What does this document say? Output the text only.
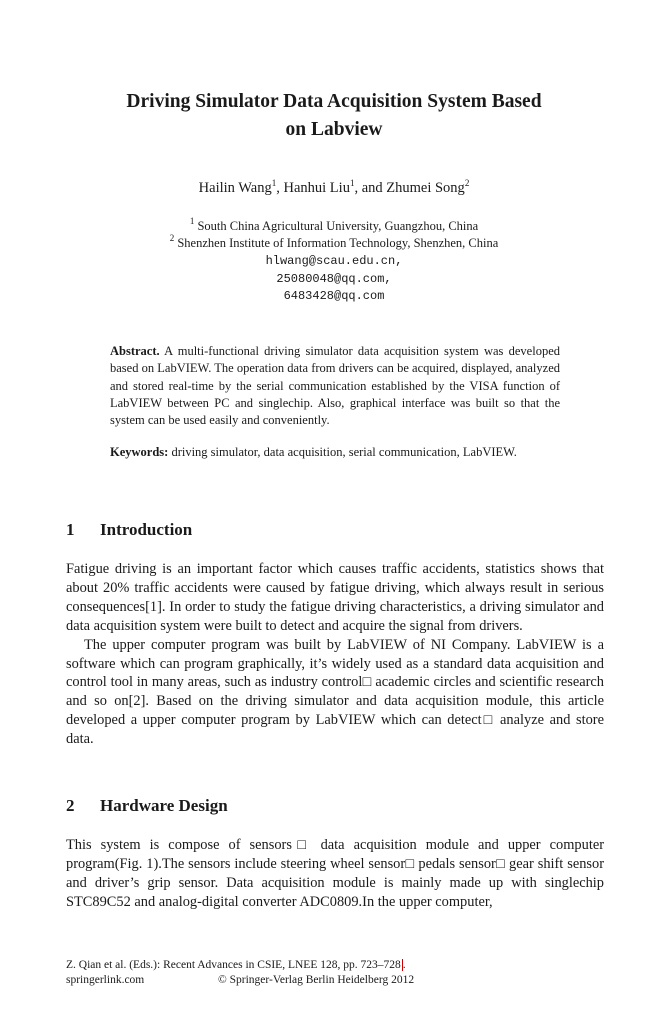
Driving Simulator Data Acquisition System Based
on Labview
Hailin Wang$^1$, Hanhui Liu$^1$, and Zhumei Song$^2$
$^1$ South China Agricultural University, Guangzhou, China
$^2$ Shenzhen Institute of Information Technology, Shenzhen, China
hlwang@scau.edu.cn,
25080048@qq.com,
6483428@qq.com
Abstract. A multi-functional driving simulator data acquisition system was developed based on LabVIEW. The operation data from drivers can be acquired, displayed, analyzed and stored real-time by the serial communication established by the VISA function of LabVIEW between PC and singlechip. Also, graphical interface was built so that the system can be used easily and conveniently.
Keywords: driving simulator, data acquisition, serial communication, LabVIEW.
1 Introduction

Fatigue driving is an important factor which causes traffic accidents, statistics shows that about 20% traffic accidents were caused by fatigue driving, which always result in serious consequences[1]. In order to study the fatigue driving characteristics, a driving simulator and data acquisition system were built to detect and acquire the signal from drivers.

The upper computer program was built by LabVIEW of NI Company. LabVIEW is a software which can program graphically, it’s widely used as a standard data acquisition and control tool in many areas, such as industry control□ academic circles and scientific research and so on[2]. Based on the driving simulator and data acquisition module, this article developed a upper computer program by LabVIEW which can detect□ analyze and store data.

2 Hardware Design

This system is compose of sensors□ data acquisition module and upper computer program(Fig. 1).The sensors include steering wheel sensor□ pedals sensor□ gear shift sensor and driver’s grip sensor. Data acquisition module is mainly made up with singlechip STC89C52 and analog-digital converter ADC0809.In the upper computer,

Z. Qian et al. (Eds.): Recent Advances in CSIE, LNEE 128, pp. 723–728 .
springerlink.com	© Springer-Verlag Berlin Heidelberg 2012
